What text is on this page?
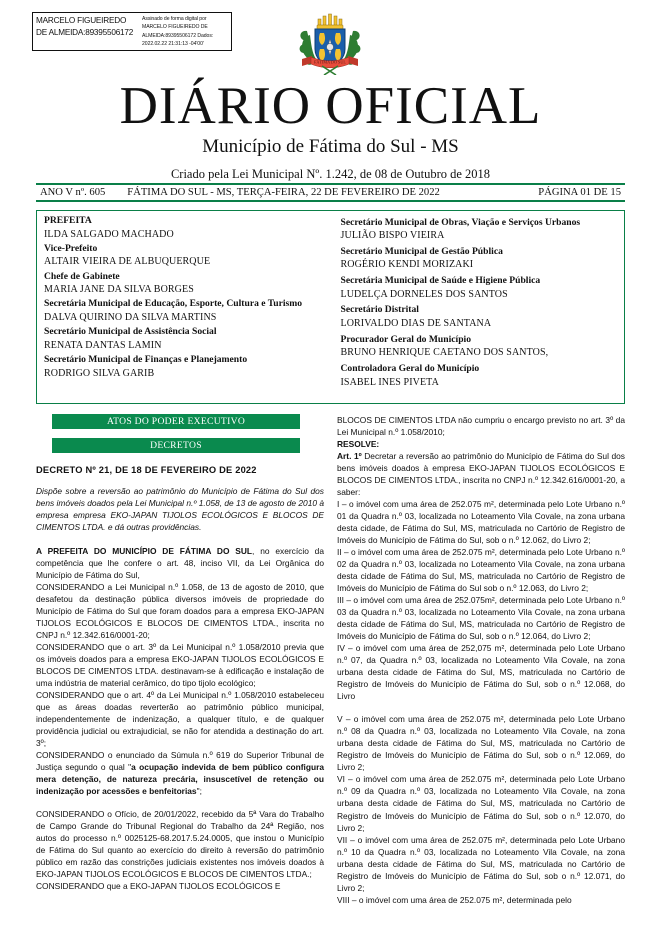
MARCELO FIGUEIREDO DE ALMEIDA:89395506172
Assinado de forma digital por MARCELO FIGUEIREDO DE ALMEIDA:89395506172 Dados: 2022.02.22 21:31:13 -04'00'
FÁTIMA DO SUL
DIÁRIO OFICIAL
Município de Fátima do Sul - MS
Criado pela Lei Municipal Nº. 1.242, de 08 de Outubro de 2018
ANO V nº. 605	FÁTIMA DO SUL - MS, TERÇA-FEIRA, 22 DE FEVEREIRO DE 2022	PÁGINA 01 DE 15
PREFEITA
ILDA SALGADO MACHADO
Vice-Prefeito
ALTAIR VIEIRA DE ALBUQUERQUE
Chefe de Gabinete
MARIA JANE DA SILVA BORGES
Secretária Municipal de Educação, Esporte, Cultura e Turismo
DALVA QUIRINO DA SILVA MARTINS
Secretário Municipal de Assistência Social
RENATA DANTAS LAMIN
Secretário Municipal de Finanças e Planejamento
RODRIGO SILVA GARIB
Secretário Municipal de Obras, Viação e Serviços Urbanos
JULIÃO BISPO VIEIRA
Secretário Municipal de Gestão Pública
ROGÉRIO KENDI MORIZAKI
Secretária Municipal de Saúde e Higiene Pública
LUDELÇA DORNELES DOS SANTOS
Secretário Distrital
LORIVALDO DIAS DE SANTANA
Procurador Geral do Município
BRUNO HENRIQUE CAETANO DOS SANTOS,
Controladora Geral do Município
ISABEL INES PIVETA
ATOS DO PODER EXECUTIVO
DECRETOS
DECRETO Nº 21, DE 18 DE FEVEREIRO DE 2022
Dispõe sobre a reversão ao patrimônio do Município de Fátima do Sul dos bens imóveis doados pela Lei Municipal n.º 1.058, de 13 de agosto de 2010 à empresa empresa EKO-JAPAN TIJOLOS ECOLÓGICOS E BLOCOS DE CIMENTOS LTDA. e dá outras providências.

A PREFEITA DO MUNICÍPIO DE FÁTIMA DO SUL, no exercício da competência que lhe confere o art. 48, inciso VII, da Lei Orgânica do Município de Fátima do Sul,

CONSIDERANDO a Lei Municipal n.º 1.058, de 13 de agosto de 2010, que desafetou da destinação pública diversos imóveis de propriedade do Município de Fátima do Sul que foram doados para a empresa EKO-JAPAN TIJOLOS ECOLÓGICOS E BLOCOS DE CIMENTOS LTDA., inscrita no CNPJ n.º 12.342.616/0001-20;

CONSIDERANDO que o art. 3º da Lei Municipal n.º 1.058/2010 previa que os imóveis doados para a empresa EKO-JAPAN TIJOLOS ECOLÓGICOS E BLOCOS DE CIMENTOS LTDA. destinavam-se à edificação e instalação de uma indústria de material cerâmico, do tipo tijolo ecológico;

CONSIDERANDO que o art. 4º da Lei Municipal n.º 1.058/2010 estabeleceu que as áreas doadas reverterão ao patrimônio público municipal, independentemente de indenização, a qualquer título, e de qualquer providência judicial ou extrajudicial, se não for atendida a destinação do art. 3º;

CONSIDERANDO o enunciado da Súmula n.º 619 do Superior Tribunal de Justiça segundo o qual "a ocupação indevida de bem público configura mera detenção, de natureza precária, insuscetível de retenção ou indenização por acessões e benfeitorias";

CONSIDERANDO o Ofício, de 20/01/2022, recebido da 5ª Vara do Trabalho de Campo Grande do Tribunal Regional do Trabalho da 24ª Região, nos autos do processo n.º 0025125-68.2017.5.24.0005, que instou o Município de Fátima do Sul quanto ao exercício do direito à reversão do patrimônio público em razão das constrições judiciais existentes nos imóveis doados à EKO-JAPAN TIJOLOS ECOLÓGICOS E BLOCOS DE CIMENTOS LTDA.;

CONSIDERANDO que a EKO-JAPAN TIJOLOS ECOLÓGICOS E

BLOCOS DE CIMENTOS LTDA não cumpriu o encargo previsto no art. 3º da Lei Municipal n.º 1.058/2010;

RESOLVE:

Art. 1º Decretar a reversão ao patrimônio do Município de Fátima do Sul dos bens imóveis doados à empresa EKO-JAPAN TIJOLOS ECOLÓGICOS E BLOCOS DE CIMENTOS LTDA., inscrita no CNPJ n.º 12.342.616/0001-20, a saber:

I – o imóvel com uma área de 252.075 m², determinada pelo Lote Urbano n.º 01 da Quadra n.º 03, localizada no Loteamento Vila Covale, na zona urbana desta cidade, de Fátima do Sul, MS, matriculada no Cartório de Registro de Imóveis do Município de Fátima do Sul, sob o n.º 12.062, do Livro 2;

II – o imóvel com uma área de 252.075 m², determinada pelo Lote Urbano n.º 02 da Quadra n.º 03, localizada no Loteamento Vila Covale, na zona urbana desta cidade de Fátima do Sul, MS, matriculada no Cartório de Registro de Imóveis do Município de Fátima do Sul sob o n.º 12.063, do Livro 2;

III – o imóvel com uma área de 252.075m², determinada pelo Lote Urbano n.º 03 da Quadra n.º 03, localizada no Loteamento Vila Covale, na zona urbana desta cidade de Fátima do Sul, MS, matriculada no Cartório de Registro de Imóveis do Município de Fátima do Sul, sob o n.º 12.064, do Livro 2;

IV – o imóvel com uma área de 252,075 m², determinada pelo Lote Urbano n.º 07, da Quadra n.º 03, localizada no Loteamento Vila Covale, na zona urbana desta cidade de Fátima do Sul, MS, matriculada no Cartório de Registro de Imóveis do Município de Fátima do Sul, sob o n.º 12.068, do Livro

V – o imóvel com uma área de 252.075 m², determinada pelo Lote Urbano n.º 08 da Quadra n.º 03, localizada no Loteamento Vila Covale, na zona urbana desta cidade de Fátima do Sul, MS, matriculada no Cartório de Registro de Imóveis do Município de Fátima do Sul, sob o n.º 12.069, do Livro 2;

VI – o imóvel com uma área de 252.075 m², determinada pelo Lote Urbano n.º 09 da Quadra n.º 03, localizada no Loteamento Vila Covale, na zona urbana desta cidade de Fátima do Sul, MS, matriculada no Cartório de Registro de Imóveis do Município de Fátima do Sul, sob o n.º 12.070, do Livro 2;

VII – o imóvel com uma área de 252.075 m², determinada pelo Lote Urbano n.º 10 da Quadra n.º 03, localizada no Loteamento Vila Covale, na zona urbana desta cidade de Fátima do Sul, MS, matriculada no Cartório de Registro de Imóveis do Município de Fátima do Sul, sob o n.º 12.071, do Livro 2;

VIII – o imóvel com uma área de 252.075 m², determinada pelo
